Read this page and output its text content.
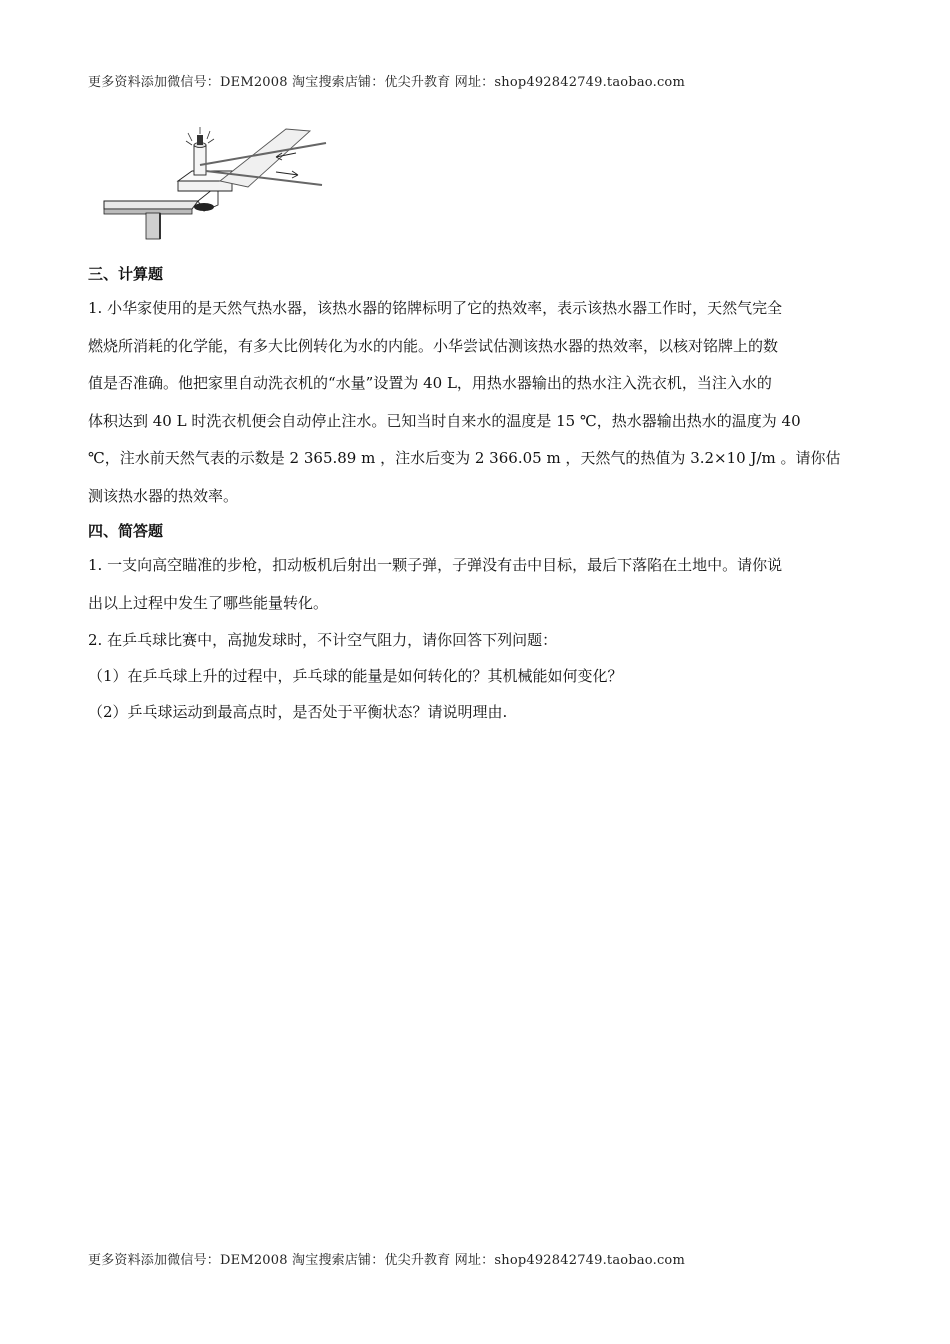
更多资料添加微信号：DEM2008 淘宝搜索店铺：优尖升教育 网址：shop492842749.taobao.com
三、计算题
1. 小华家使用的是天然气热水器，该热水器的铭牌标明了它的热效率，表示该热水器工作时，天然气完全
燃烧所消耗的化学能，有多大比例转化为水的内能。小华尝试估测该热水器的热效率，以核对铭牌上的数
值是否准确。他把家里自动洗衣机的“水量”设置为 40 L，用热水器输出的热水注入洗衣机，当注入水的
体积达到 40 L 时洗衣机便会自动停止注水。已知当时自来水的温度是 15 ℃，热水器输出热水的温度为 40
℃，注水前天然气表的示数是 2 365.89 m ，注水后变为 2 366.05 m ，天然气的热值为 3.2×10 J/m 。请你估
测该热水器的热效率。
四、简答题
1. 一支向高空瞄准的步枪，扣动板机后射出一颗子弹，子弹没有击中目标，最后下落陷在土地中。请你说
出以上过程中发生了哪些能量转化。
2. 在乒乓球比赛中，高抛发球时，不计空气阻力，请你回答下列问题：
（1）在乒乓球上升的过程中，乒乓球的能量是如何转化的？其机械能如何变化？
（2）乒乓球运动到最高点时，是否处于平衡状态？请说明理由.
更多资料添加微信号：DEM2008 淘宝搜索店铺：优尖升教育 网址：shop492842749.taobao.com
